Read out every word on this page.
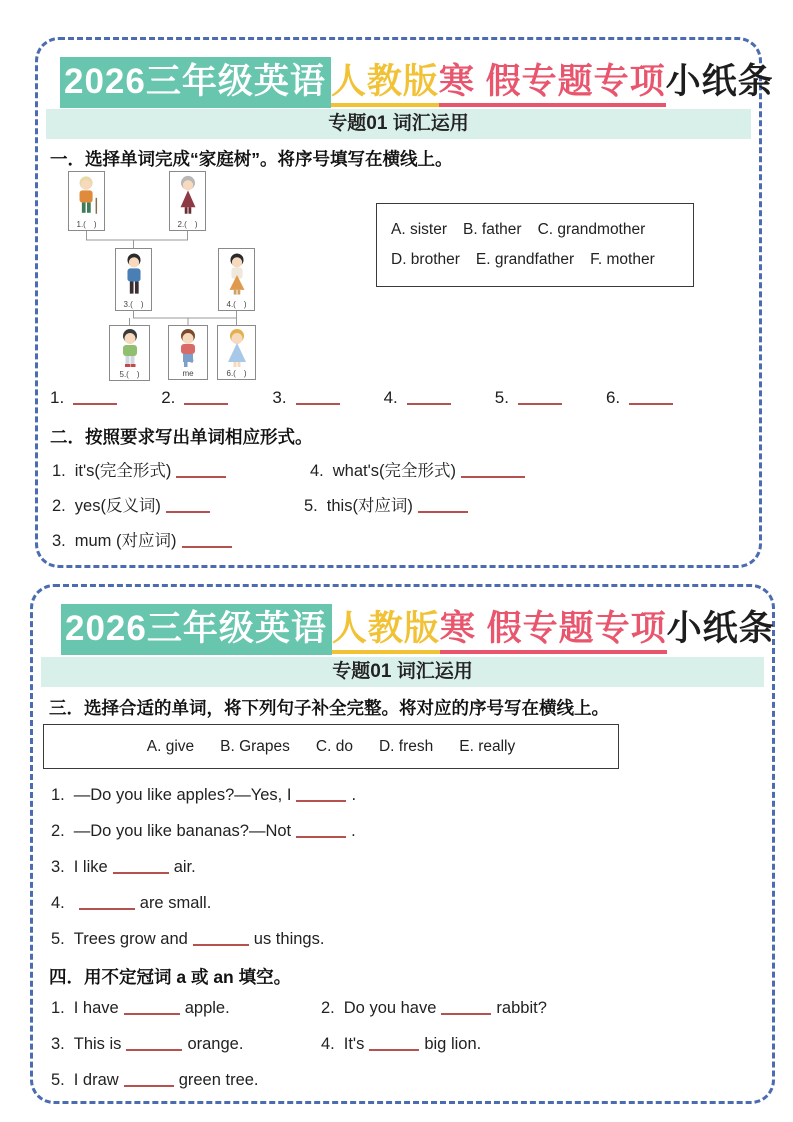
2026三年级英语 人教版寒 假专题专项小纸条
专题01 词汇运用
一．选择单词完成“家庭树”。将序号填写在横线上。
1.(　)	2.(　)
3.(　)	4.(　)
5.(　)	me	6.(　)
A. sister B. father C. grandmother
D. brother E. grandfather F. mother
1.	2.	3.	4.	5.	6.
二．按照要求写出单词相应形式。
1. it's(完全形式)	4. what's(完全形式)
2. yes(反义词)	5. this(对应词)
3. mum (对应词)
2026三年级英语 人教版寒 假专题专项小纸条
专题01 词汇运用
三．选择合适的单词，将下列句子补全完整。将对应的序号写在横线上。
A. give B. Grapes C. do D. fresh E. really
1. —Do you like apples?—Yes, I	.
2. —Do you like bananas?—Not	.
3. I like	air.
4.	are small.
5. Trees grow and	us things.
四．用不定冠词 a 或 an 填空。
1. I have	apple.	2. Do you have	rabbit?
3. This is	orange.	4. It's	big lion.
5. I draw	green tree.
